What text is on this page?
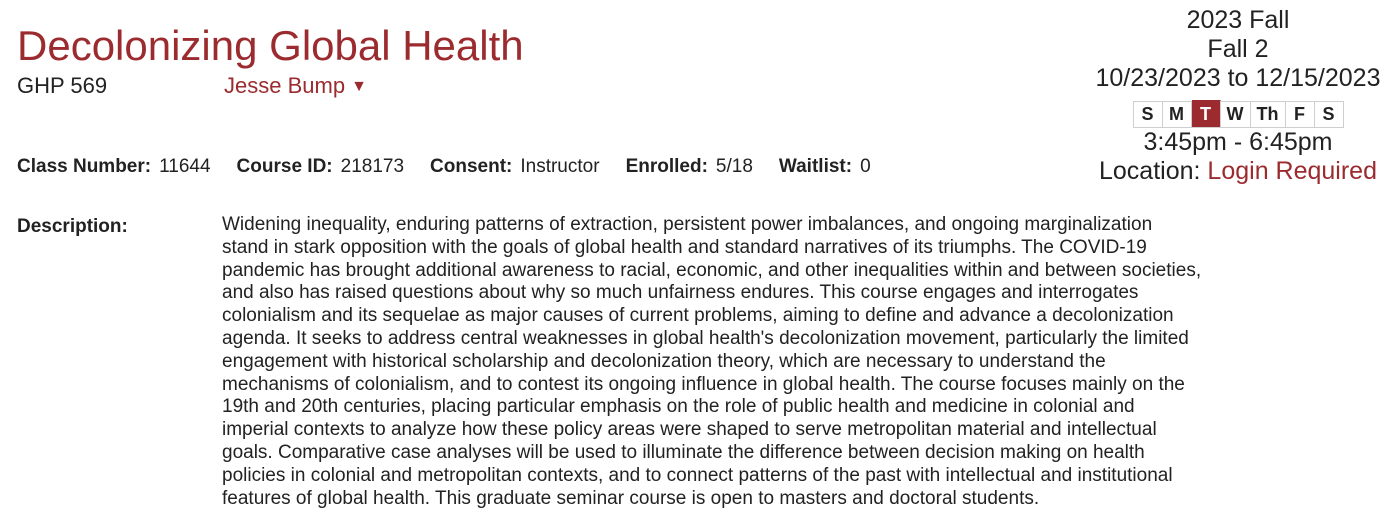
Decolonizing Global Health
GHP 569	Jesse Bump ▼
2023 Fall
Fall 2
10/23/2023 to 12/15/2023
S M T W Th F S
3:45pm - 6:45pm
Location: Login Required
Class Number: 11644 Course ID: 218173 Consent: Instructor Enrolled: 5/18 Waitlist: 0
Description:	Widening inequality, enduring patterns of extraction, persistent power imbalances, and ongoing marginalization stand in stark opposition with the goals of global health and standard narratives of its triumphs. The COVID-19 pandemic has brought additional awareness to racial, economic, and other inequalities within and between societies, and also has raised questions about why so much unfairness endures. This course engages and interrogates colonialism and its sequelae as major causes of current problems, aiming to define and advance a decolonization agenda. It seeks to address central weaknesses in global health's decolonization movement, particularly the limited engagement with historical scholarship and decolonization theory, which are necessary to understand the mechanisms of colonialism, and to contest its ongoing influence in global health. The course focuses mainly on the 19th and 20th centuries, placing particular emphasis on the role of public health and medicine in colonial and imperial contexts to analyze how these policy areas were shaped to serve metropolitan material and intellectual goals. Comparative case analyses will be used to illuminate the difference between decision making on health policies in colonial and metropolitan contexts, and to connect patterns of the past with intellectual and institutional features of global health. This graduate seminar course is open to masters and doctoral students.
